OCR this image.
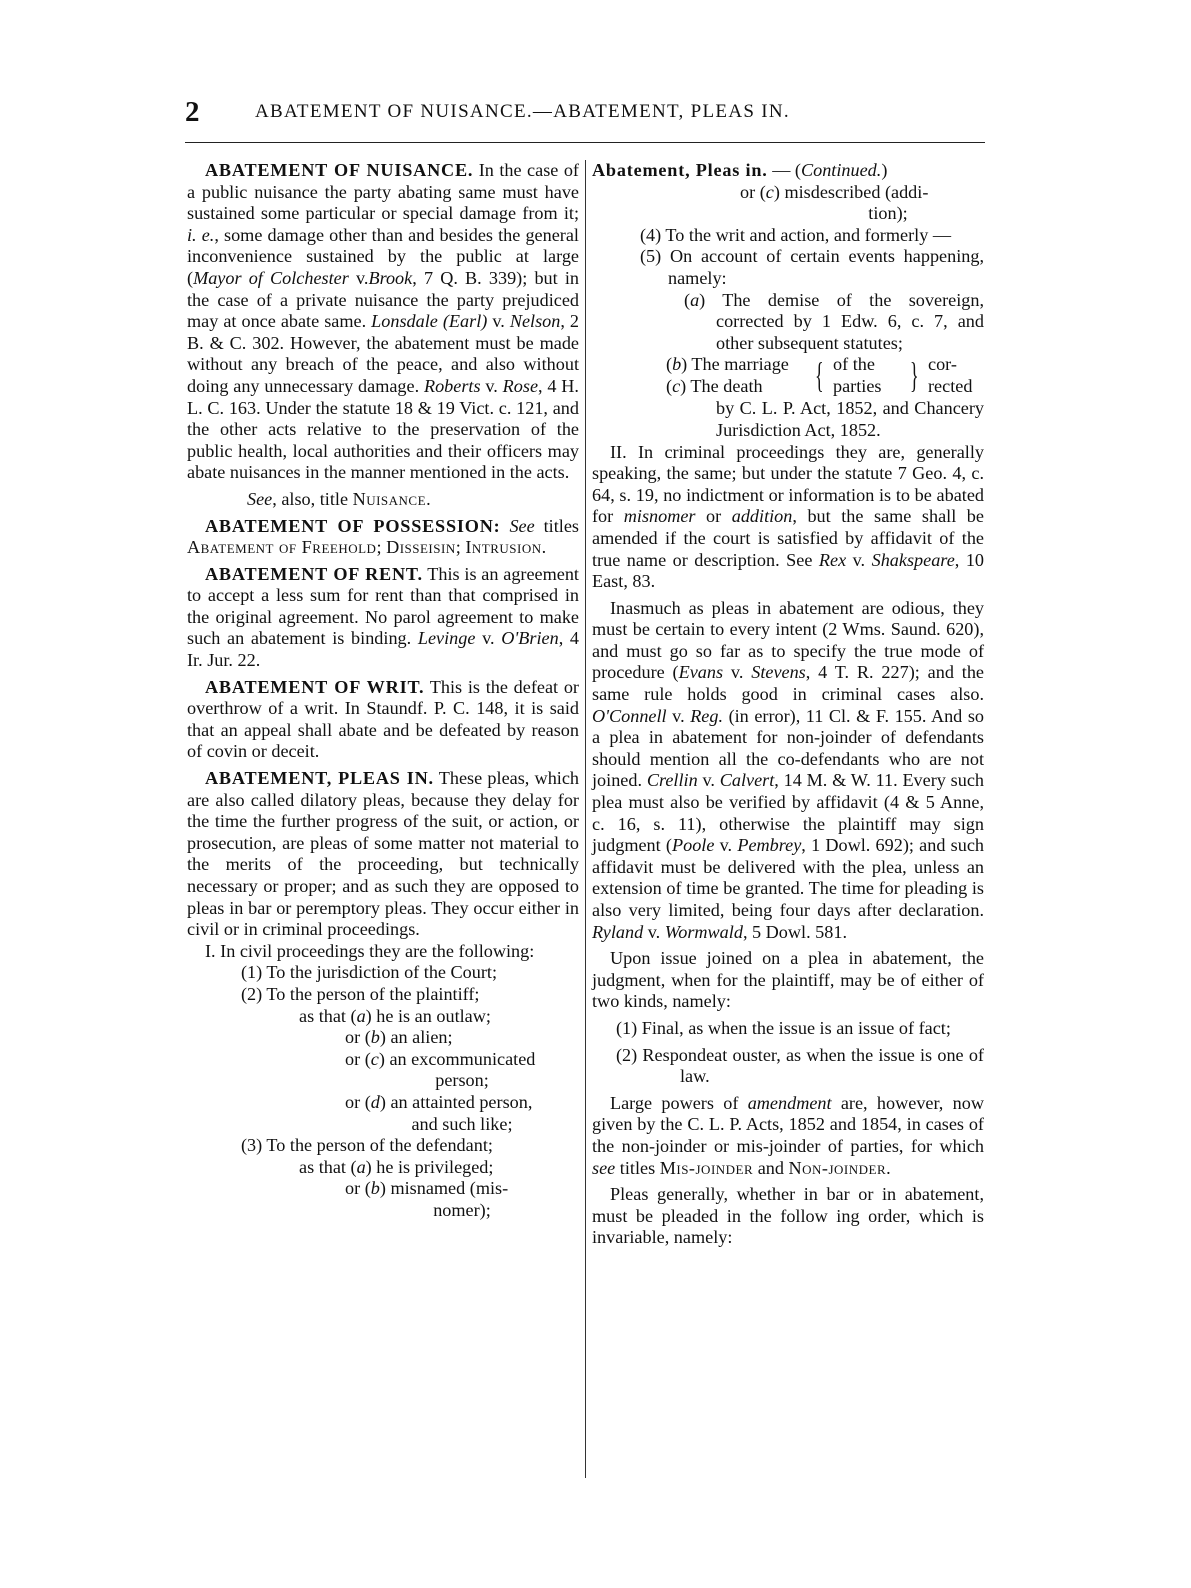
2	ABATEMENT OF NUISANCE.—ABATEMENT, PLEAS IN.

ABATEMENT OF NUISANCE. In the case of a public nuisance the party abating same must have sustained some particular or special damage from it; i. e., some damage other than and besides the general inconvenience sustained by the public at large (Mayor of Colchester v.Brook, 7 Q. B. 339); but in the case of a private nuisance the party prejudiced may at once abate same. Lonsdale (Earl) v. Nelson, 2 B. & C. 302. However, the abatement must be made without any breach of the peace, and also without doing any unnecessary damage. Roberts v. Rose, 4 H. L. C. 163. Under the statute 18 & 19 Vict. c. 121, and the other acts relative to the preservation of the public health, local authorities and their officers may abate nuisances in the manner mentioned in the acts.

See, also, title Nuisance.

ABATEMENT OF POSSESSION: See titles Abatement of Freehold; Disseisin; Intrusion.

ABATEMENT OF RENT. This is an agreement to accept a less sum for rent than that comprised in the original agreement. No parol agreement to make such an abatement is binding. Levinge v. O'Brien, 4 Ir. Jur. 22.

ABATEMENT OF WRIT. This is the defeat or overthrow of a writ. In Staundf. P. C. 148, it is said that an appeal shall abate and be defeated by reason of covin or deceit.

ABATEMENT, PLEAS IN. These pleas, which are also called dilatory pleas, because they delay for the time the further progress of the suit, or action, or prosecution, are pleas of some matter not material to the merits of the proceeding, but technically necessary or proper; and as such they are opposed to pleas in bar or peremptory pleas. They occur either in civil or in criminal proceedings.

I. In civil proceedings they are the following:

(1) To the jurisdiction of the Court;
(2) To the person of the plaintiff;
as that (a) he is an outlaw;
or (b) an alien;
or (c) an excommunicated
person;
or (d) an attainted person,
and such like;
(3) To the person of the defendant;
as that (a) he is privileged;
or (b) misnamed (mis-
nomer);
Abatement, Pleas in. — (Continued.)
or (c) misdescribed (addi-
tion);
(4) To the writ and action, and formerly —
(5) On account of certain events happening, namely:
(a) The demise of the sovereign, corrected by 1 Edw. 6, c. 7, and other subsequent statutes;
(b) The marriage
(c) The death { of the
parties } cor-
rected
by C. L. P. Act, 1852, and Chancery Jurisdiction Act, 1852.

II. In criminal proceedings they are, generally speaking, the same; but under the statute 7 Geo. 4, c. 64, s. 19, no indictment or information is to be abated for misnomer or addition, but the same shall be amended if the court is satisfied by affidavit of the true name or description. See Rex v. Shakspeare, 10 East, 83.

Inasmuch as pleas in abatement are odious, they must be certain to every intent (2 Wms. Saund. 620), and must go so far as to specify the true mode of procedure (Evans v. Stevens, 4 T. R. 227); and the same rule holds good in criminal cases also. O'Connell v. Reg. (in error), 11 Cl. & F. 155. And so a plea in abatement for non-joinder of defendants should mention all the co-defendants who are not joined. Crellin v. Calvert, 14 M. & W. 11. Every such plea must also be verified by affidavit (4 & 5 Anne, c. 16, s. 11), otherwise the plaintiff may sign judgment (Poole v. Pembrey, 1 Dowl. 692); and such affidavit must be delivered with the plea, unless an extension of time be granted. The time for pleading is also very limited, being four days after declaration. Ryland v. Wormwald, 5 Dowl. 581.

Upon issue joined on a plea in abatement, the judgment, when for the plaintiff, may be of either of two kinds, namely:

(1) Final, as when the issue is an issue of fact;
(2) Respondeat ouster, as when the issue is one of law.

Large powers of amendment are, however, now given by the C. L. P. Acts, 1852 and 1854, in cases of the non-joinder or mis-joinder of parties, for which see titles Mis-joinder and Non-joinder.

Pleas generally, whether in bar or in abatement, must be pleaded in the follow ing order, which is invariable, namely:
